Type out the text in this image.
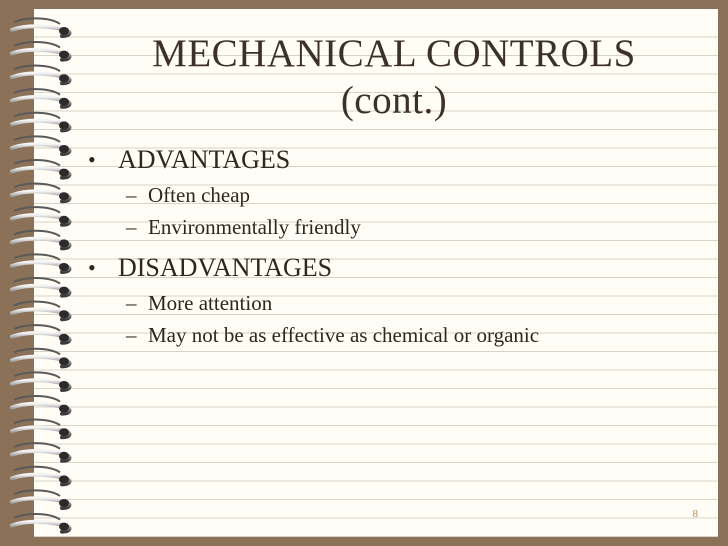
MECHANICAL CONTROLS
(cont.)
• ADVANTAGES
– Often cheap
– Environmentally friendly
• DISADVANTAGES
– More attention
– May not be as effective as chemical or organic
8
